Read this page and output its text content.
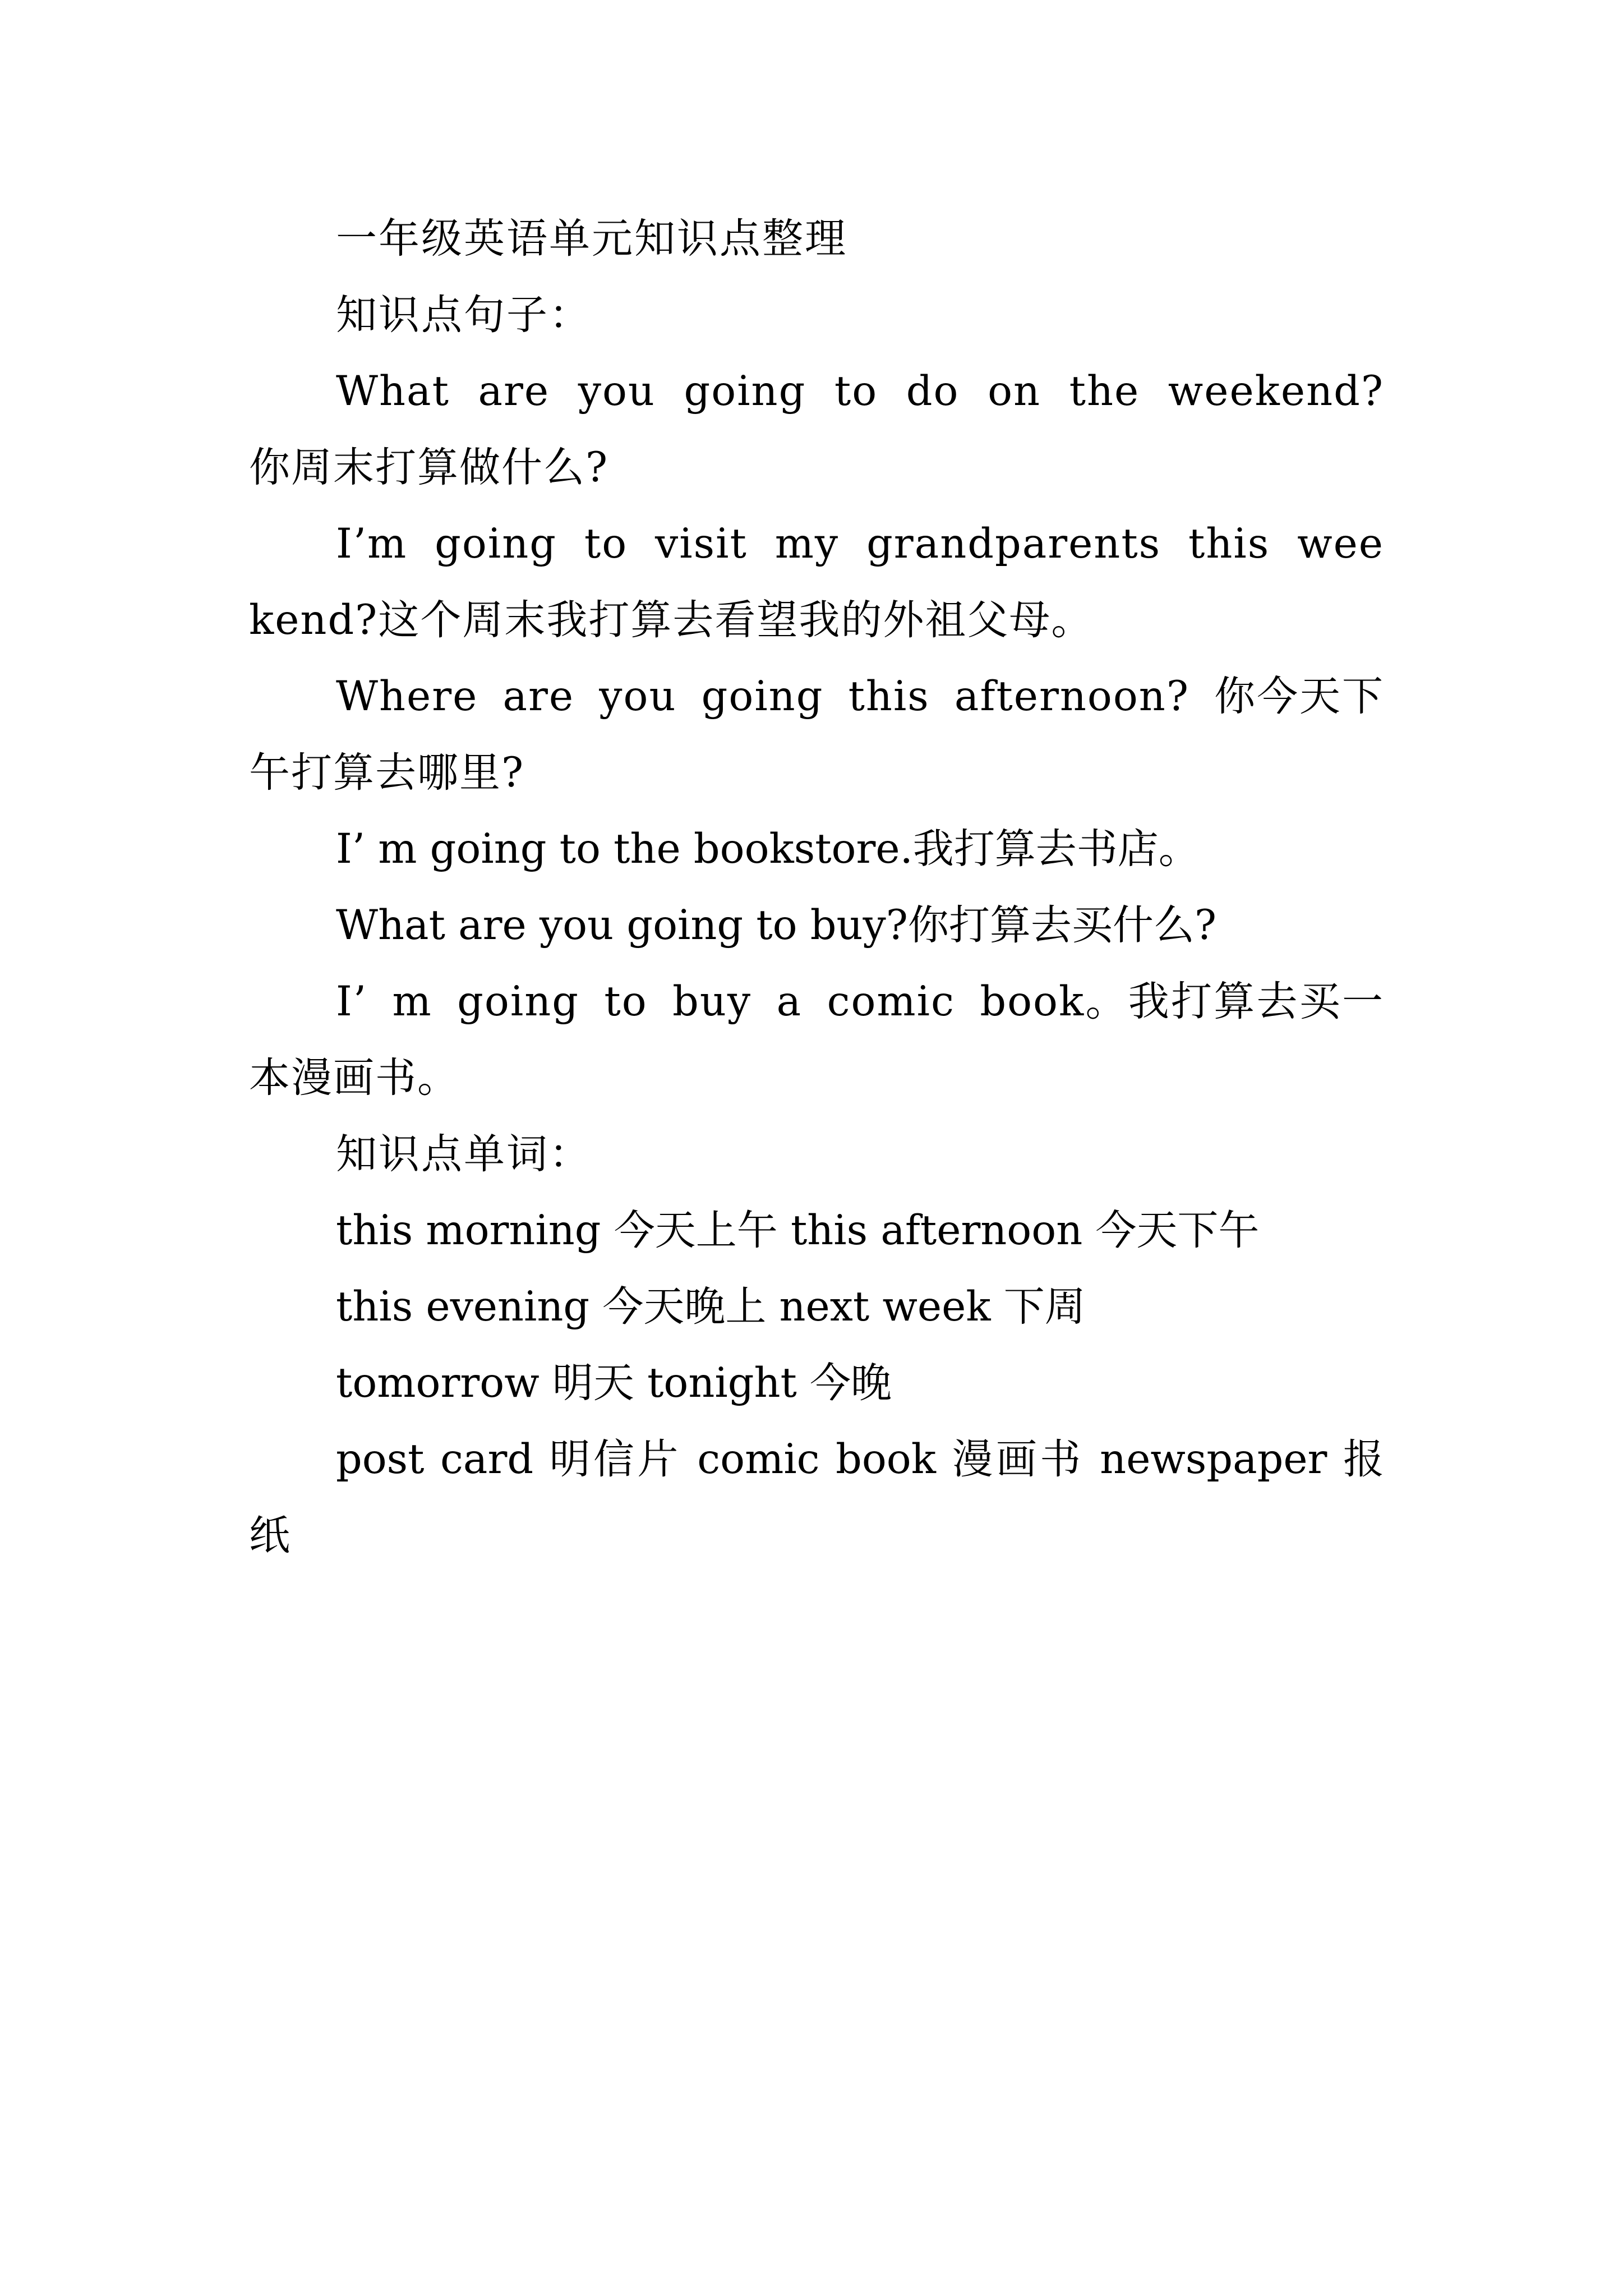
一年级英语单元知识点整理

知识点句子：

What are you going to do on the weekend?你周末打算做什么?

I’m going to visit my grandparents this weekend?这个周末我打算去看望我的外祖父母。

Where are you going this afternoon? 你今天下午打算去哪里?

I’ m going to the bookstore.我打算去书店。

What are you going to buy?你打算去买什么?

I’ m going to buy a comic book。我打算去买一本漫画书。

知识点单词：

this morning 今天上午 this afternoon 今天下午

this evening 今天晚上 next week 下周

tomorrow 明天 tonight 今晚

post card 明信片 comic book 漫画书 newspaper 报纸
